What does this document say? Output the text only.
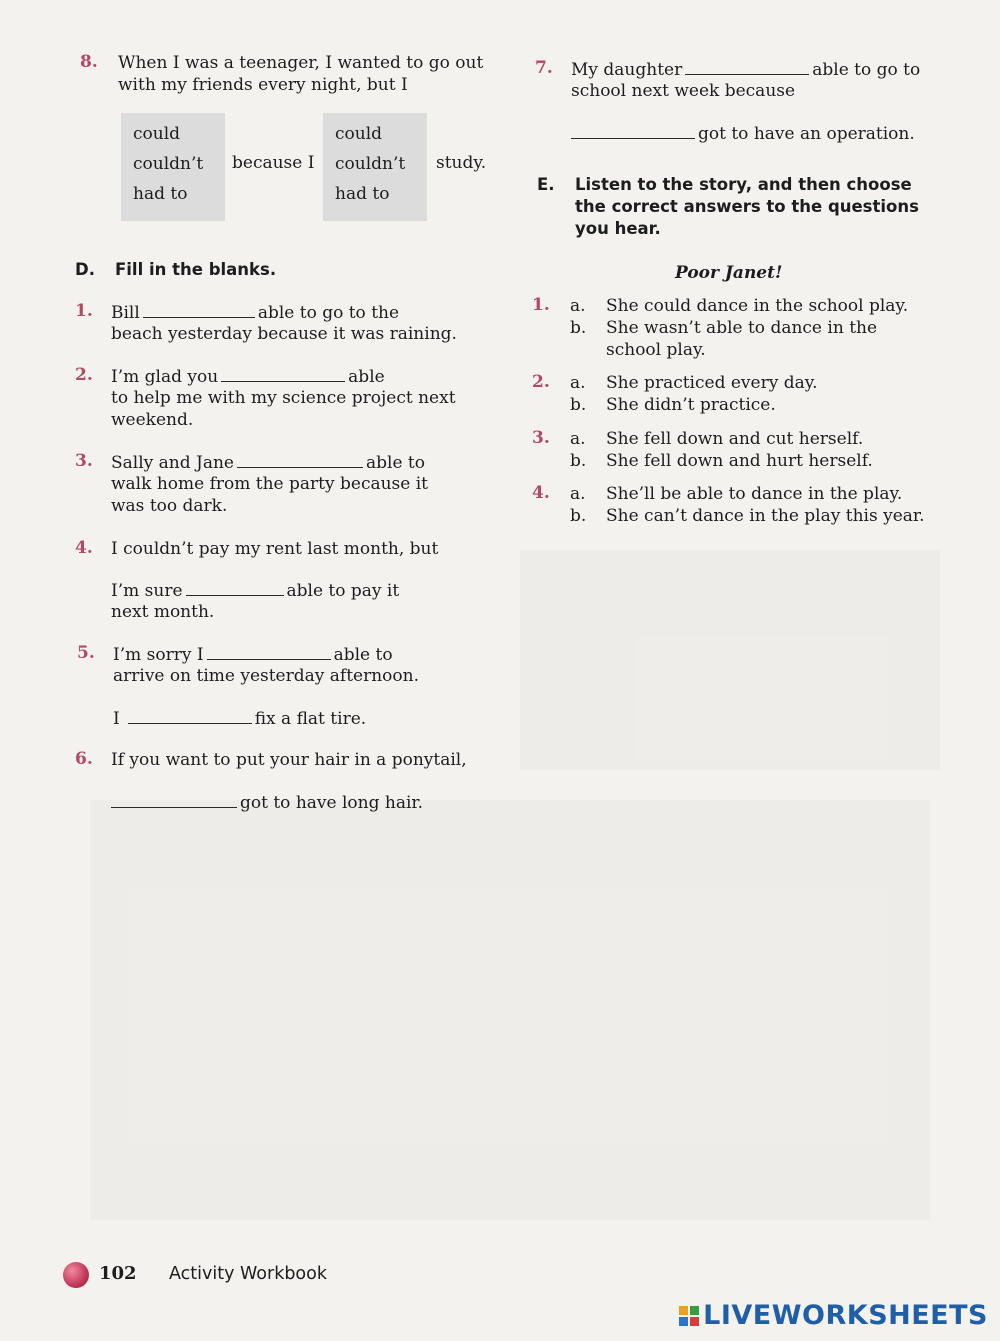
8. When I was a teenager, I wanted to go out
with my friends every night, but I
could
couldn’t
had to
because I
could
couldn’t
had to
study.
D. Fill in the blanks.
1. Bill	able to go to the
beach yesterday because it was raining.
2. I’m glad you	able
to help me with my science project next
weekend.
3. Sally and Jane	able to
walk home from the party because it
was too dark.
4. I couldn’t pay my rent last month, but
I’m sure	able to pay it
next month.
5. I’m sorry I	able to
arrive on time yesterday afternoon.
I	fix a flat tire.
6. If you want to put your hair in a ponytail,
got to have long hair.
7. My daughter	able to go to
school next week because
got to have an operation.
E. Listen to the story, and then choose
the correct answers to the questions
you hear.
Poor Janet!
1. a. She could dance in the school play.
b. She wasn’t able to dance in the
school play.
2. a. She practiced every day.
b. She didn’t practice.
3. a. She fell down and cut herself.
b. She fell down and hurt herself.
4. a. She’ll be able to dance in the play.
b. She can’t dance in the play this year.
102 Activity Workbook
LIVEWORKSHEETS
